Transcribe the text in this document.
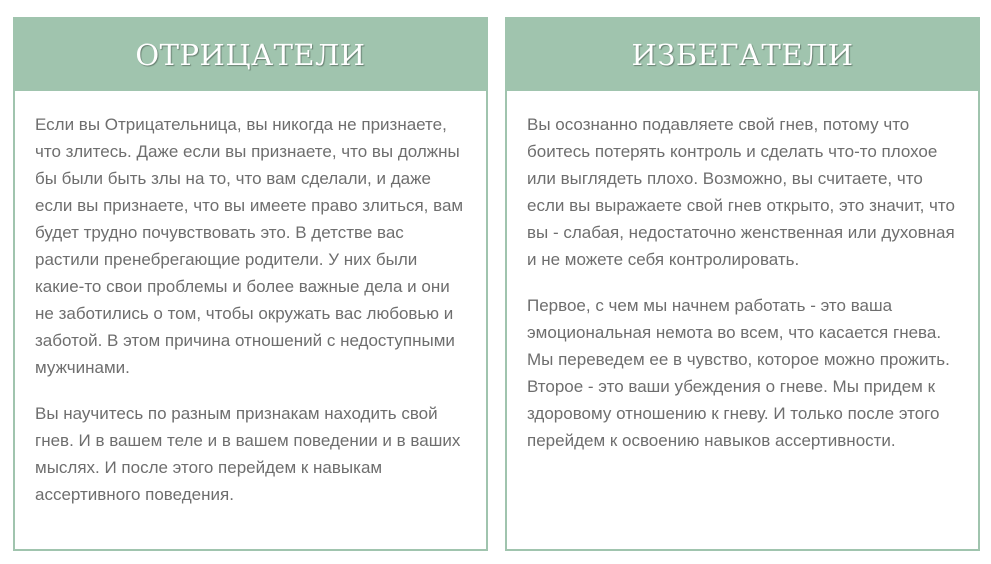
ОТРИЦАТЕЛИ

Если вы Отрицательница, вы никогда не признаете, что злитесь. Даже если вы признаете, что вы должны бы были быть злы на то, что вам сделали, и даже если вы признаете, что вы имеете право злиться, вам будет трудно почувствовать это. В детстве вас растили пренебрегающие родители. У них были какие-то свои проблемы и более важные дела и они не заботились о том, чтобы окружать вас любовью и заботой. В этом причина отношений с недоступными мужчинами.

Вы научитесь по разным признакам находить свой гнев. И в вашем теле и в вашем поведении и в ваших мыслях. И после этого перейдем к навыкам ассертивного поведения.

ИЗБЕГАТЕЛИ

Вы осознанно подавляете свой гнев, потому что боитесь потерять контроль и сделать что-то плохое или выглядеть плохо. Возможно, вы считаете, что если вы выражаете свой гнев открыто, это значит, что вы - слабая, недостаточно женственная или духовная и не можете себя контролировать.

Первое, с чем мы начнем работать - это ваша эмоциональная немота во всем, что касается гнева. Мы переведем ее в чувство, которое можно прожить. Второе - это ваши убеждения о гневе. Мы придем к здоровому отношению к гневу. И только после этого перейдем к освоению навыков ассертивности.
